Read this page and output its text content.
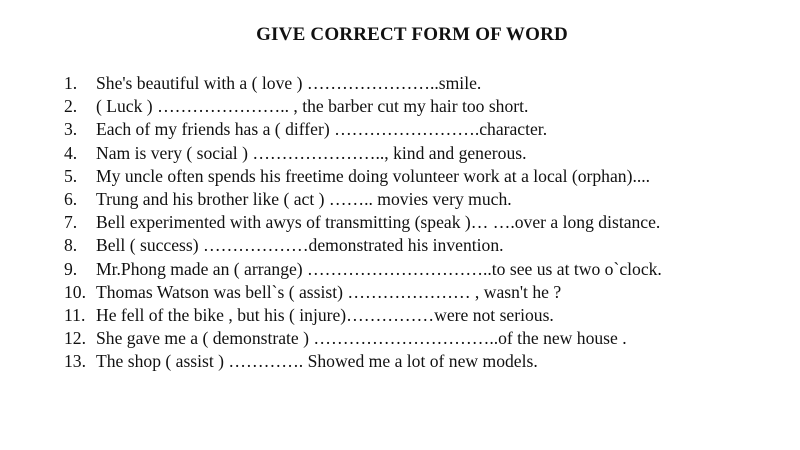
GIVE CORRECT FORM OF WORD
1.	She's beautiful with a ( love ) …………………..smile.
2.	( Luck ) ………………….. , the barber cut my hair too short.
3.	Each of my friends has a ( differ) …………………….character.
4.	Nam is very ( social ) ………………….., kind and generous.
5.	My uncle often spends his freetime doing volunteer work at a local (orphan)....
6.	Trung and his brother like ( act ) …….. movies very much.
7.	Bell experimented with awys of transmitting (speak )… ….over a long distance.
8.	Bell ( success) ………………demonstrated his invention.
9.	Mr.Phong made an ( arrange) …………………………..to see us at two o`clock.
10. Thomas Watson was bell`s ( assist) ………………… , wasn't he ?
11. He fell of the bike , but his ( injure)……………were not serious.
12. She gave me a ( demonstrate ) …………………………..of the new house .
13. The shop ( assist ) …………. Showed me a lot of new models.
